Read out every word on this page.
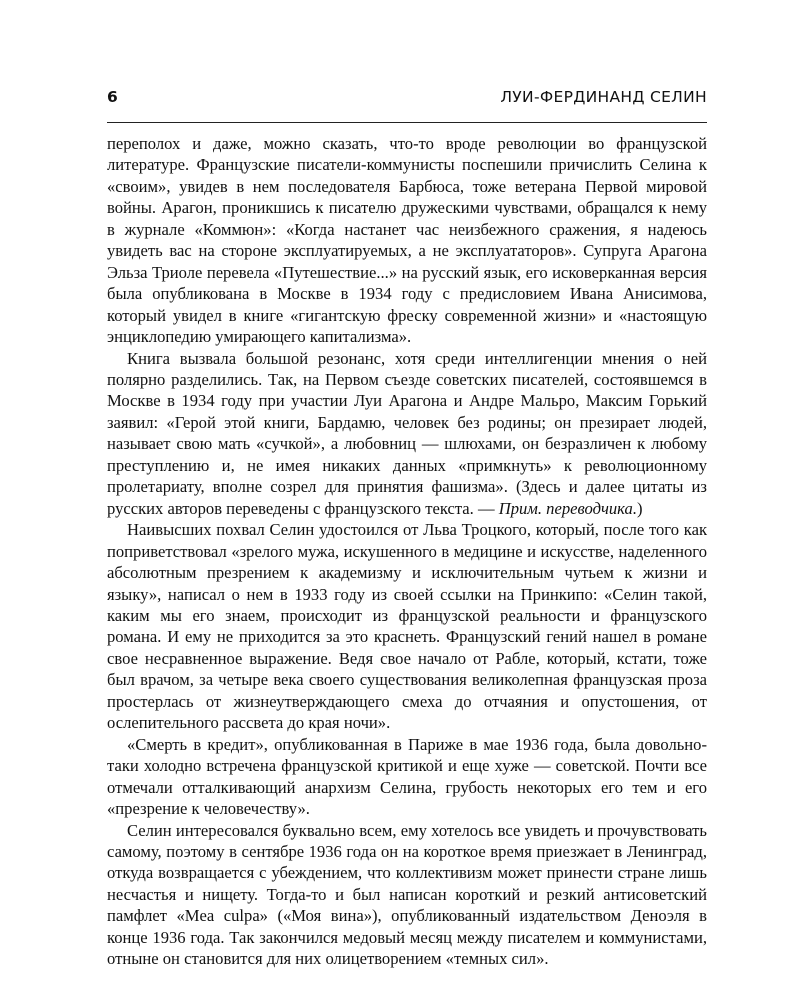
6	ЛУИ-ФЕРДИНАНД СЕЛИН

переполох и даже, можно сказать, что-то вроде революции во французской литературе. Французские писатели-коммунисты поспешили причислить Селина к «своим», увидев в нем последователя Барбюса, тоже ветерана Первой мировой войны. Арагон, проникшись к писателю дружескими чувствами, обращался к нему в журнале «Коммюн»: «Когда настанет час неизбежного сражения, я надеюсь увидеть вас на стороне эксплуатируемых, а не эксплуататоров». Супруга Арагона Эльза Триоле перевела «Путешествие...» на русский язык, его исковерканная версия была опубликована в Москве в 1934 году с предисловием Ивана Анисимова, который увидел в книге «гигантскую фреску современной жизни» и «настоящую энциклопедию умирающего капитализма».

Книга вызвала большой резонанс, хотя среди интеллигенции мнения о ней полярно разделились. Так, на Первом съезде советских писателей, состоявшемся в Москве в 1934 году при участии Луи Арагона и Андре Мальро, Максим Горький заявил: «Герой этой книги, Бардамю, человек без родины; он презирает людей, называет свою мать «сучкой», а любовниц — шлюхами, он безразличен к любому преступлению и, не имея никаких данных «примкнуть» к революционному пролетариату, вполне созрел для принятия фашизма». (Здесь и далее цитаты из русских авторов переведены с французского текста. — Прим. переводчика.)

Наивысших похвал Селин удостоился от Льва Троцкого, который, после того как поприветствовал «зрелого мужа, искушенного в медицине и искусстве, наделенного абсолютным презрением к академизму и исключительным чутьем к жизни и языку», написал о нем в 1933 году из своей ссылки на Принкипо: «Селин такой, каким мы его знаем, происходит из французской реальности и французского романа. И ему не приходится за это краснеть. Французский гений нашел в романе свое несравненное выражение. Ведя свое начало от Рабле, который, кстати, тоже был врачом, за четыре века своего существования великолепная французская проза простерлась от жизнеутверждающего смеха до отчаяния и опустошения, от ослепительного рассвета до края ночи».

«Смерть в кредит», опубликованная в Париже в мае 1936 года, была довольно-таки холодно встречена французской критикой и еще хуже — советской. Почти все отмечали отталкивающий анархизм Селина, грубость некоторых его тем и его «презрение к человечеству».

Селин интересовался буквально всем, ему хотелось все увидеть и прочувствовать самому, поэтому в сентябре 1936 года он на короткое время приезжает в Ленинград, откуда возвращается с убеждением, что коллективизм может принести стране лишь несчастья и нищету. Тогда-то и был написан короткий и резкий антисоветский памфлет «Mea culpa» («Моя вина»), опубликованный издательством Деноэля в конце 1936 года. Так закончился медовый месяц между писателем и коммунистами, отныне он становится для них олицетворением «темных сил».
